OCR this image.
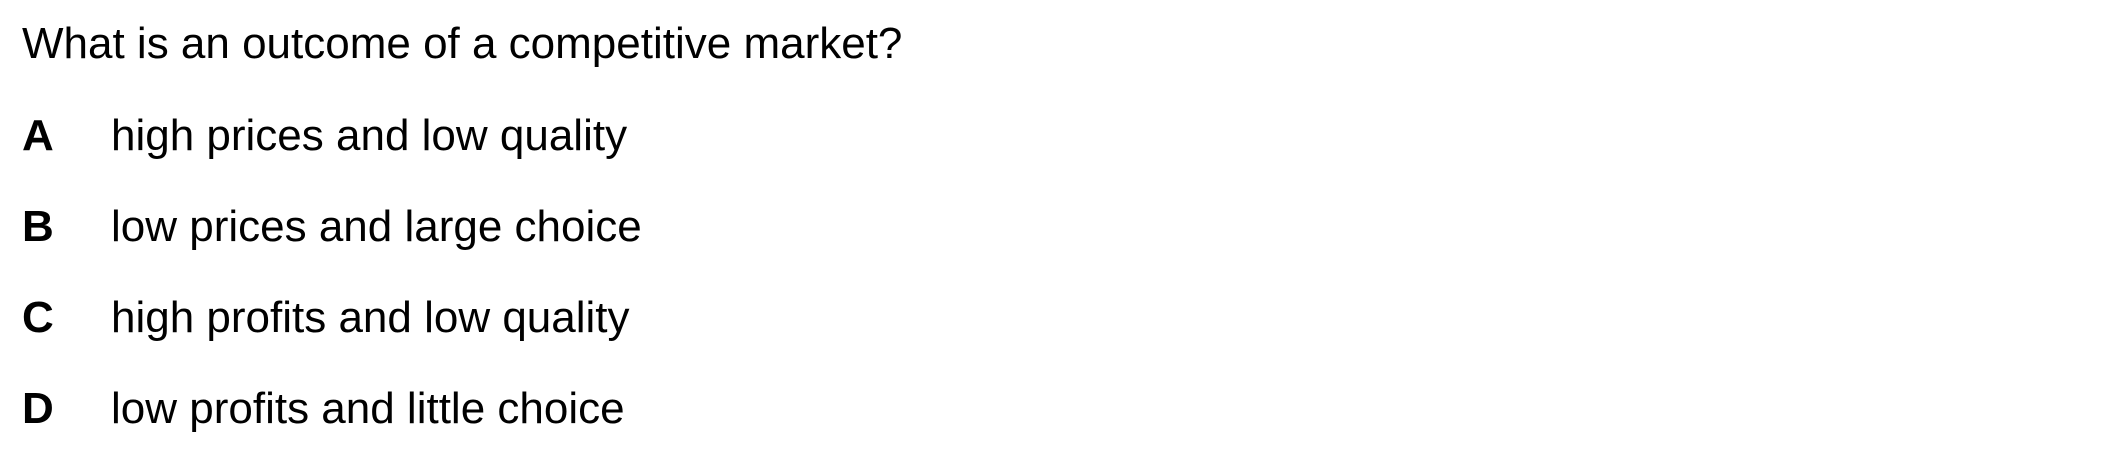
What is an outcome of a competitive market?
A	high prices and low quality
B	low prices and large choice
C	high profits and low quality
D	low profits and little choice
